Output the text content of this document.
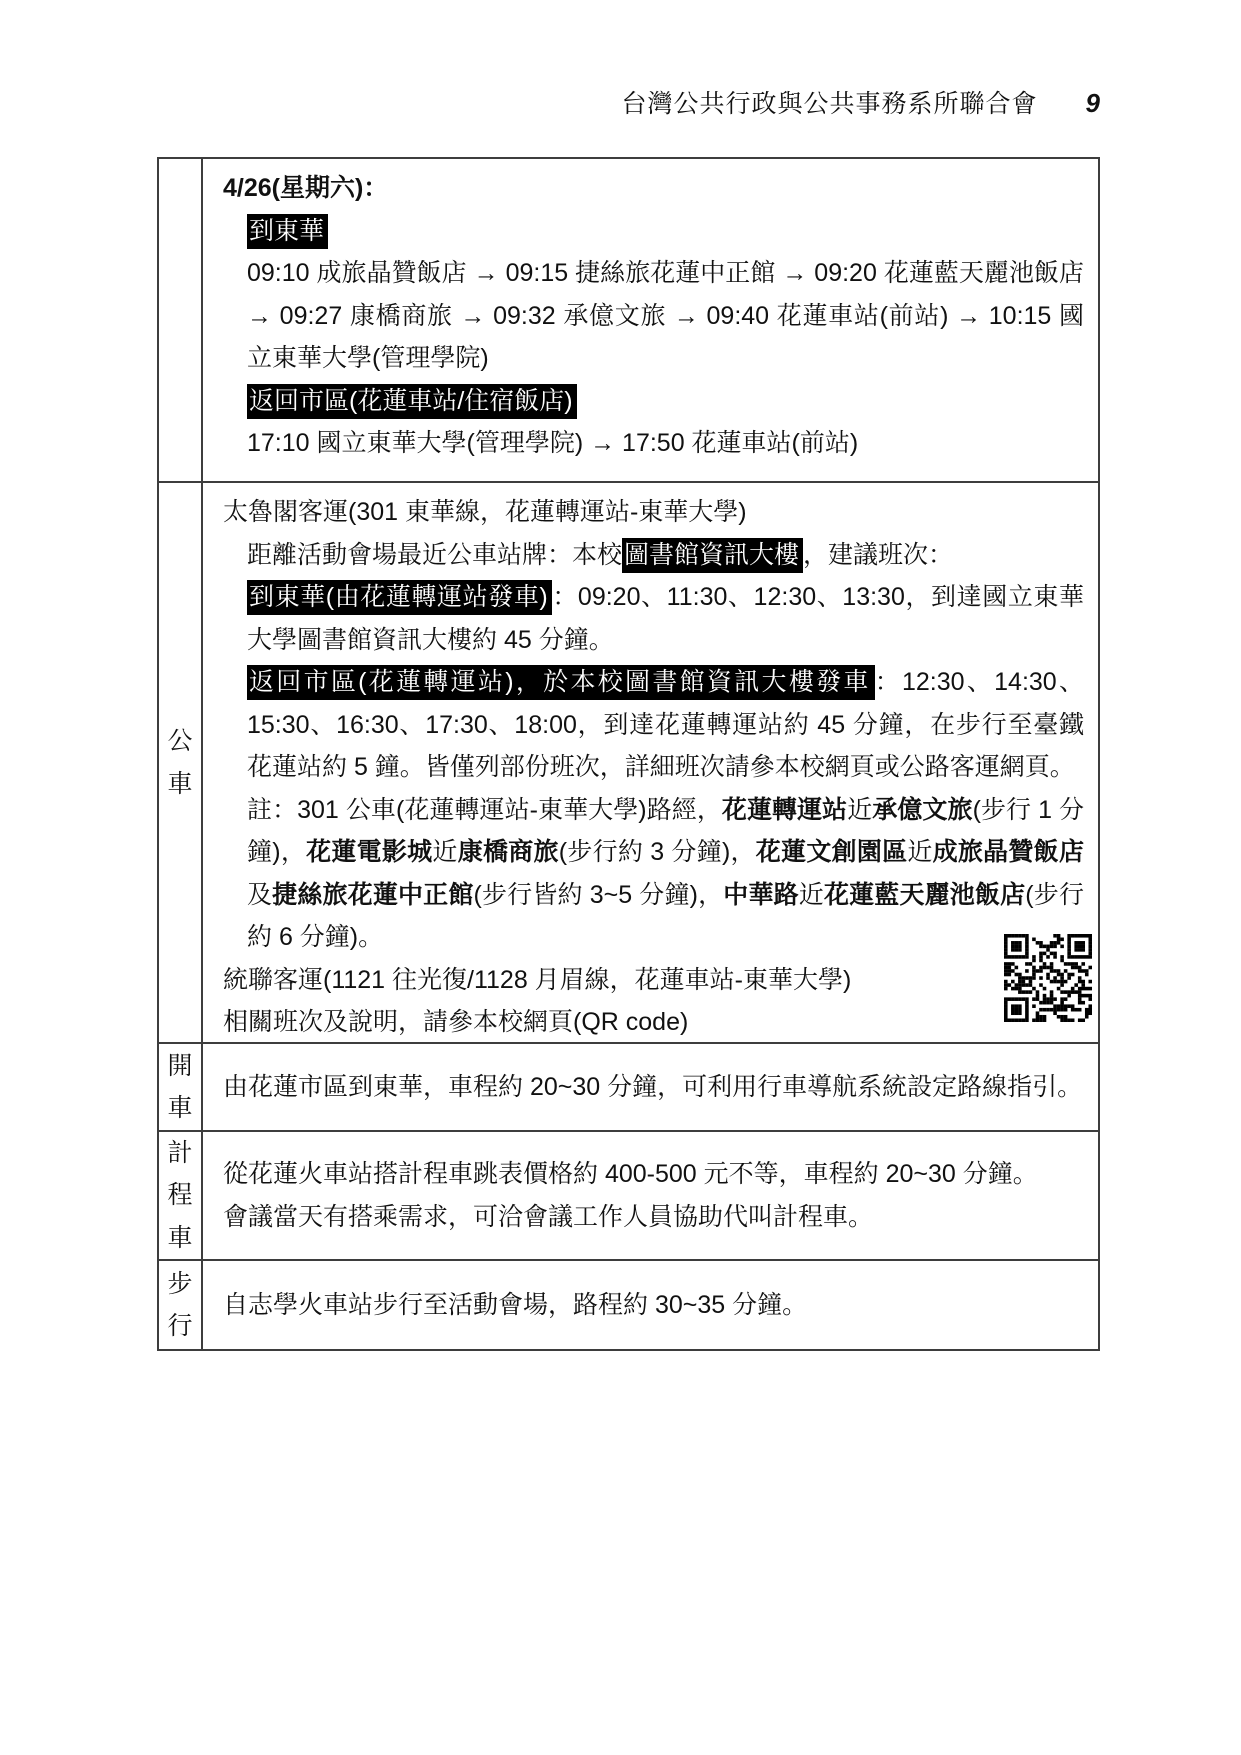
台灣公共行政與公共事務系所聯合會 9
4/26(星期六)：
到東華
09:10 成旅晶贊飯店 → 09:15 捷絲旅花蓮中正館 → 09:20 花蓮藍天麗池飯店 → 09:27 康橋商旅 → 09:32 承億文旅 → 09:40 花蓮車站(前站) → 10:15 國立東華大學(管理學院)
返回市區(花蓮車站/住宿飯店)
17:10 國立東華大學(管理學院) → 17:50 花蓮車站(前站)
公
車
太魯閣客運(301 東華線，花蓮轉運站-東華大學)
距離活動會場最近公車站牌：本校圖書館資訊大樓 ，建議班次：
到東華(由花蓮轉運站發車) ：09:20、11:30、12:30、13:30，到達國立東華大學圖書館資訊大樓約 45 分鐘。
返回市區(花蓮轉運站)，於本校圖書館資訊大樓發車 ：12:30、14:30、15:30、16:30、17:30、18:00，到達花蓮轉運站約 45 分鐘，在步行至臺鐵花蓮站約 5 鐘。皆僅列部份班次，詳細班次請參本校網頁或公路客運網頁。
註：301 公車(花蓮轉運站-東華大學)路經，花蓮轉運站近承億文旅(步行 1 分鐘)，花蓮電影城近康橋商旅(步行約 3 分鐘)，花蓮文創園區近成旅晶贊飯店及捷絲旅花蓮中正館(步行皆約 3~5 分鐘)，中華路近花蓮藍天麗池飯店(步行約 6 分鐘)。
統聯客運(1121 往光復/1128 月眉線，花蓮車站-東華大學)
相關班次及說明，請參本校網頁(QR code)
開
車
由花蓮市區到東華，車程約 20~30 分鐘，可利用行車導航系統設定路線指引。
計
程
車
從花蓮火車站搭計程車跳表價格約 400-500 元不等，車程約 20~30 分鐘。
會議當天有搭乘需求，可洽會議工作人員協助代叫計程車。
步
行
自志學火車站步行至活動會場，路程約 30~35 分鐘。
